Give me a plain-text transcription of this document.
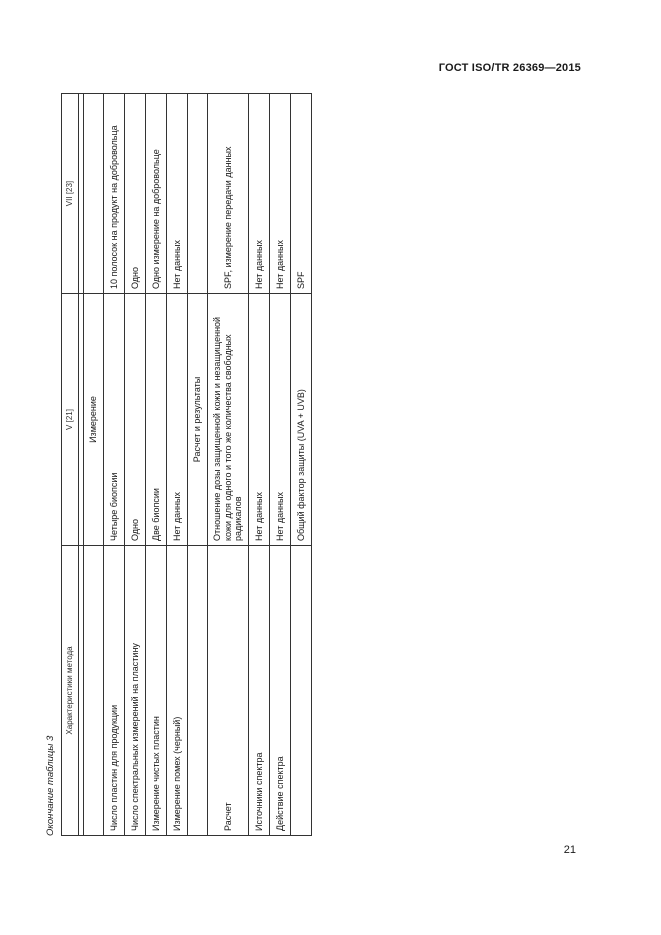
ГОСТ ISO/TR 26369—2015
Окончание таблицы 3
Характеристики метода	V [21]	VII [23]

	Измерение	
Число пластин для продукции	Четыре биопсии	10 полосок на продукт на добровольца
Число спектральных измерений на пластину	Одно	Одно
Измерение чистых пластин	Две биопсии	Одно измерение на добровольце
Измерение помех (черный)	Нет данных	Нет данных
	Расчет и результаты	
Расчет	Отношение дозы защищенной кожи и незащищенной кожи для одного и того же количества свободных радикалов	SPF, измерение передачи данных
Источники спектра	Нет данных	Нет данных
Действие спектра	Нет данных	Нет данных
	Общий фактор защиты (UVA + UVB)	SPF
21
